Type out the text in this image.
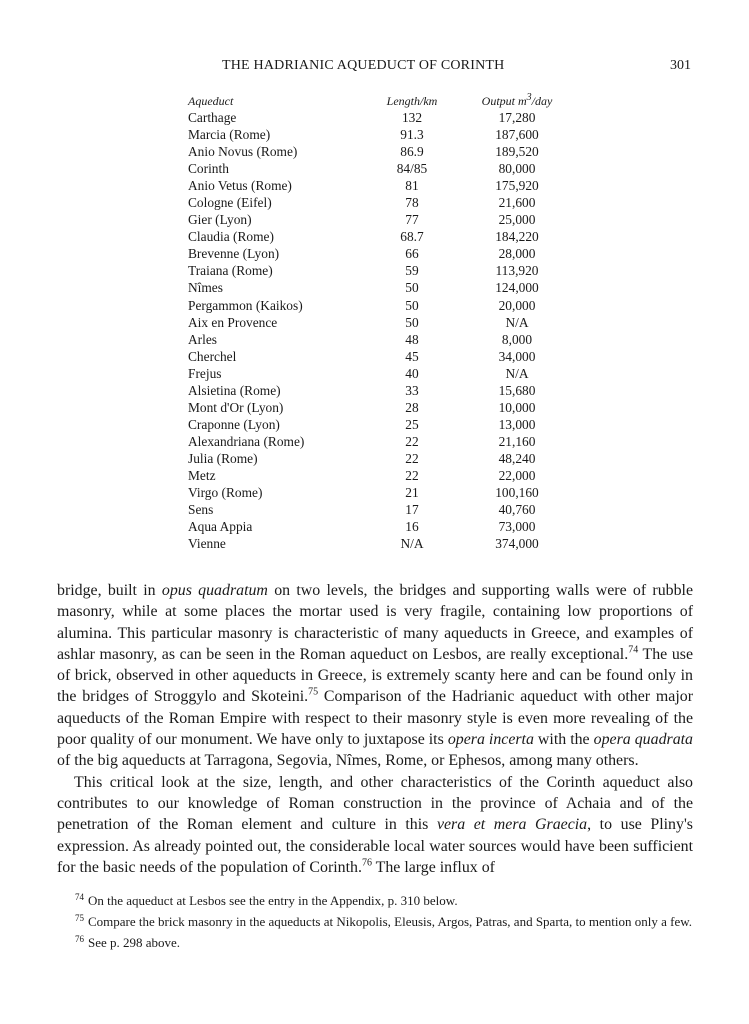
THE HADRIANIC AQUEDUCT OF CORINTH	301
Aqueduct	Length/km	Output $m^3$/day
Carthage	132	17,280
Marcia (Rome)	91.3	187,600
Anio Novus (Rome)	86.9	189,520
Corinth	84/85	80,000
Anio Vetus (Rome)	81	175,920
Cologne (Eifel)	78	21,600
Gier (Lyon)	77	25,000
Claudia (Rome)	68.7	184,220
Brevenne (Lyon)	66	28,000
Traiana (Rome)	59	113,920
Nîmes	50	124,000
Pergammon (Kaikos)	50	20,000
Aix en Provence	50	N/A
Arles	48	8,000
Cherchel	45	34,000
Frejus	40	N/A
Alsietina (Rome)	33	15,680
Mont d'Or (Lyon)	28	10,000
Craponne (Lyon)	25	13,000
Alexandriana (Rome)	22	21,160
Julia (Rome)	22	48,240
Metz	22	22,000
Virgo (Rome)	21	100,160
Sens	17	40,760
Aqua Appia	16	73,000
Vienne	N/A	374,000

bridge, built in opus quadratum on two levels, the bridges and supporting walls were of rubble masonry, while at some places the mortar used is very fragile, containing low proportions of alumina. This particular masonry is characteristic of many aqueducts in Greece, and examples of ashlar masonry, as can be seen in the Roman aqueduct on Lesbos, are really exceptional.$^{74}$ The use of brick, observed in other aqueducts in Greece, is extremely scanty here and can be found only in the bridges of Stroggylo and Skoteini.$^{75}$ Comparison of the Hadrianic aqueduct with other major aqueducts of the Roman Empire with respect to their masonry style is even more revealing of the poor quality of our monument. We have only to juxtapose its opera incerta with the opera quadrata of the big aqueducts at Tarragona, Segovia, Nîmes, Rome, or Ephesos, among many others.

This critical look at the size, length, and other characteristics of the Corinth aqueduct also contributes to our knowledge of Roman construction in the province of Achaia and of the penetration of the Roman element and culture in this vera et mera Graecia, to use Pliny's expression. As already pointed out, the considerable local water sources would have been sufficient for the basic needs of the population of Corinth.$^{76}$ The large influx of

$^{74}$ On the aqueduct at Lesbos see the entry in the Appendix, p. 310 below.

$^{75}$ Compare the brick masonry in the aqueducts at Nikopolis, Eleusis, Argos, Patras, and Sparta, to mention only a few.

$^{76}$ See p. 298 above.
